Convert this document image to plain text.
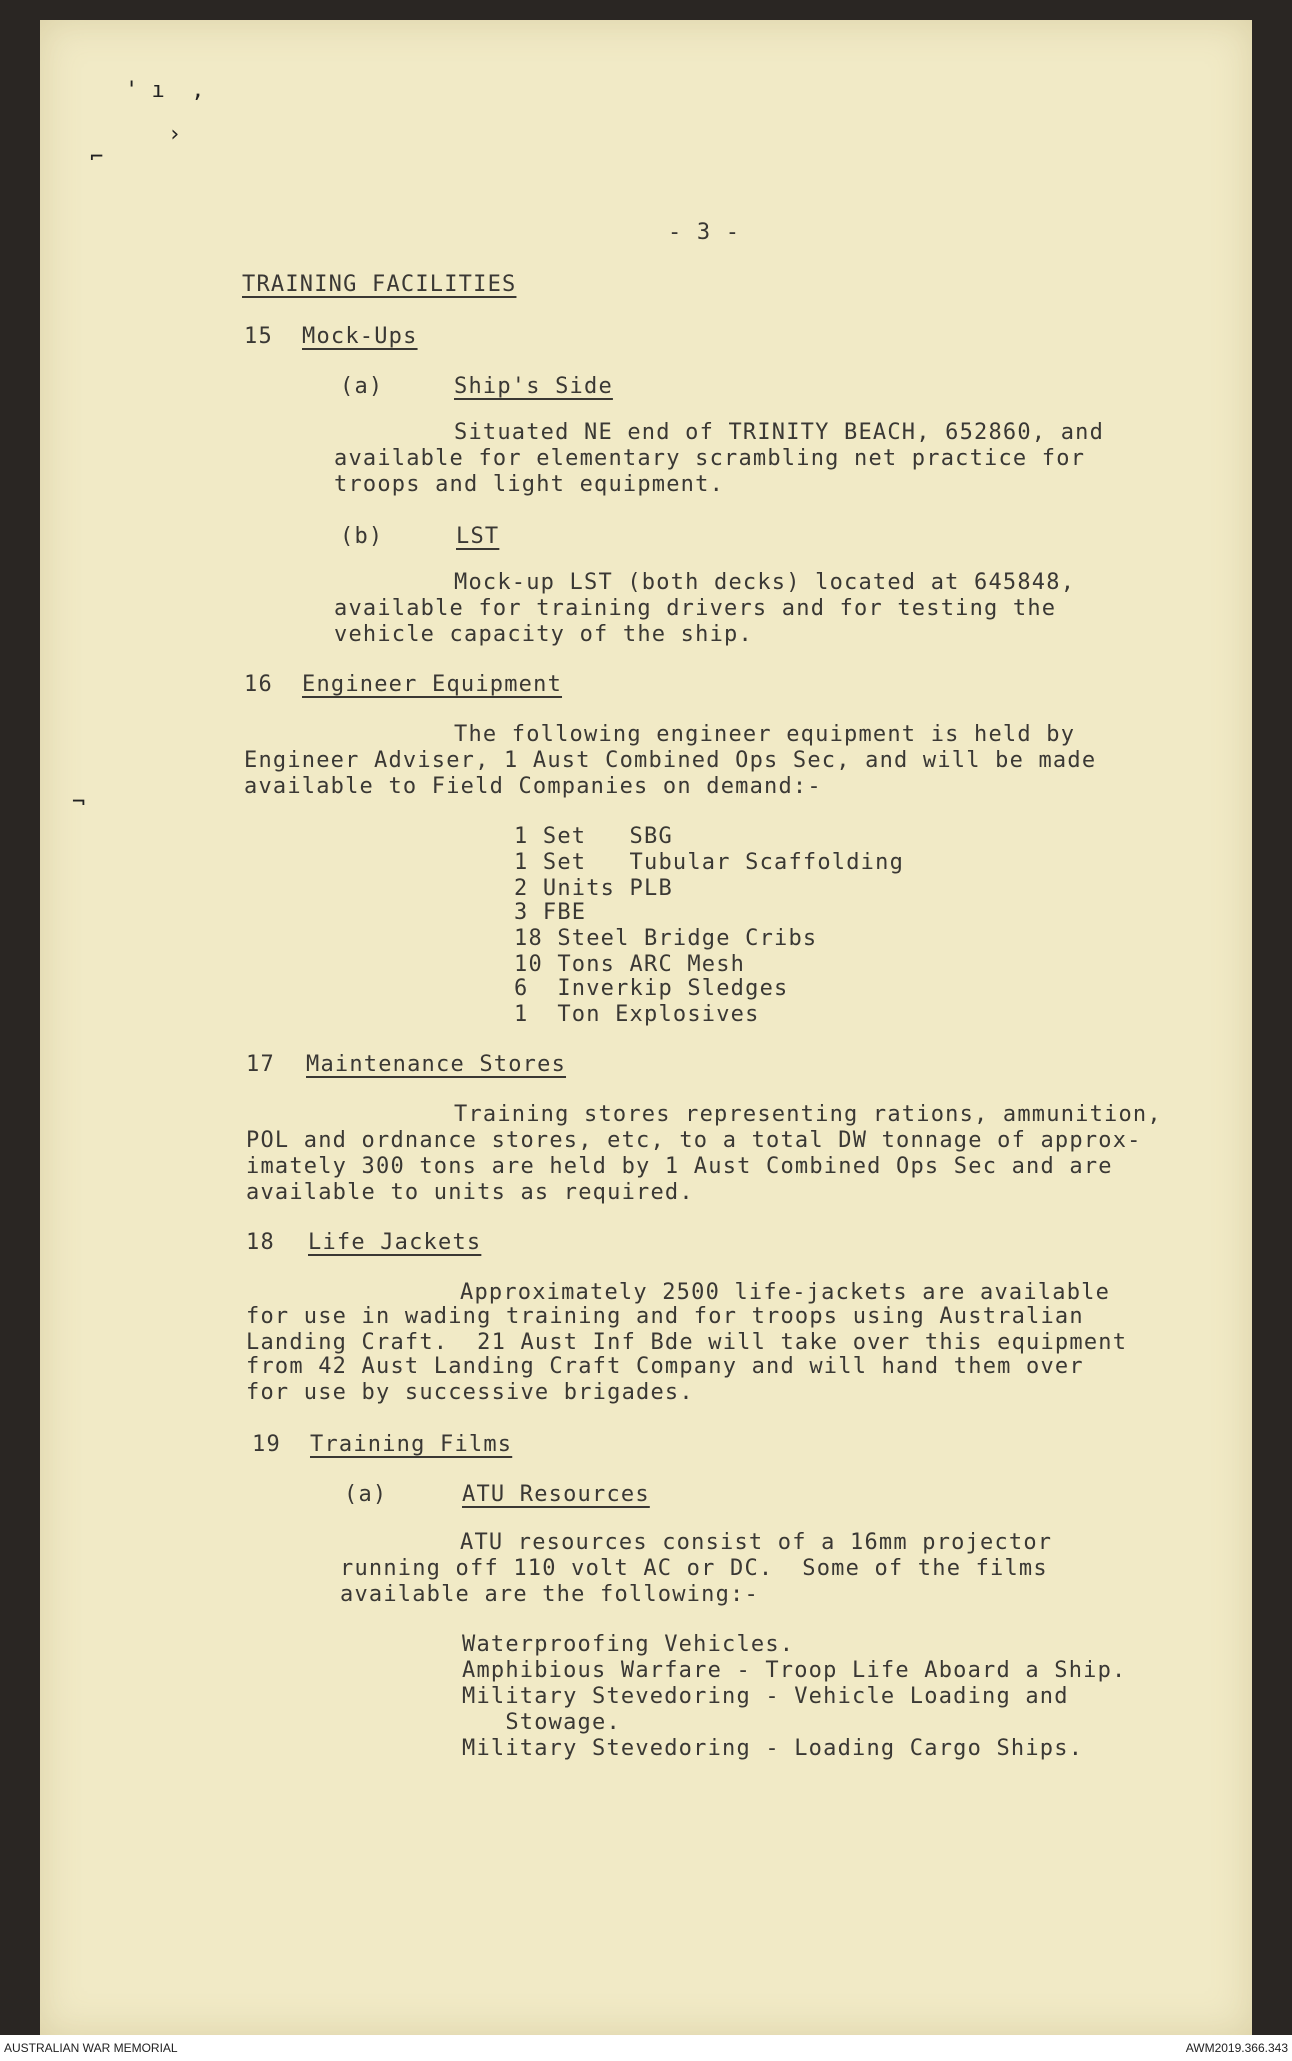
' ⁠ı ⁠⁠ ,
›
⌐
¬
- 3 -
TRAINING FACILITIES
15 Mock-Ups
(a)	Ship's Side
Situated NE end of TRINITY BEACH, 652860, and
available for elementary scrambling net practice for
troops and light equipment.
(b)	LST
Mock-up LST (both decks) located at 645848,
available for training drivers and for testing the
vehicle capacity of the ship.
16 Engineer Equipment
The following engineer equipment is held by
Engineer Adviser, 1 Aust Combined Ops Sec, and will be made
available to Field Companies on demand:-
1 Set   SBG
1 Set   Tubular Scaffolding
2 Units PLB
3 FBE
18 Steel Bridge Cribs
10 Tons ARC Mesh
6  Inverkip Sledges
1  Ton Explosives
17 Maintenance Stores
Training stores representing rations, ammunition,
POL and ordnance stores, etc, to a total DW tonnage of approx-
imately 300 tons are held by 1 Aust Combined Ops Sec and are
available to units as required.
18 Life Jackets
Approximately 2500 life-jackets are available
for use in wading training and for troops using Australian
Landing Craft.  21 Aust Inf Bde will take over this equipment
from 42 Aust Landing Craft Company and will hand them over
for use by successive brigades.
19 Training Films
(a)	ATU Resources
ATU resources consist of a 16mm projector
running off 110 volt AC or DC.  Some of the films
available are the following:-
Waterproofing Vehicles.
Amphibious Warfare - Troop Life Aboard a Ship.
Military Stevedoring - Vehicle Loading and
Stowage.
Military Stevedoring - Loading Cargo Ships.
AUSTRALIAN WAR MEMORIAL	AWM2019.366.343
